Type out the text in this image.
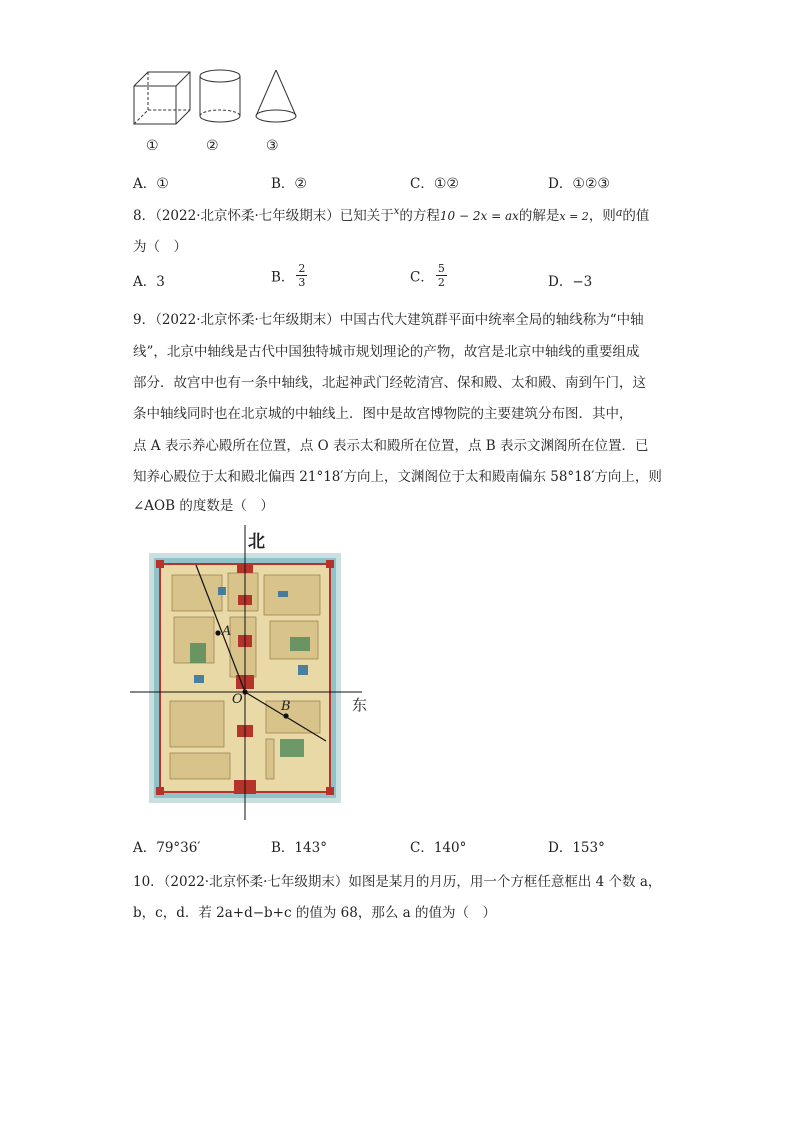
①	②	③
A．①	B．②	C．①②	D．①②③
8．（2022·北京怀柔·七年级期末）已知关于$^x$的方程10 − 2x = ax的解是x = 2，则$^a$的值
为（　）
A．3	B． $\frac{2}{3}$	C． $\frac{5}{2}$	D．−3
9．（2022·北京怀柔·七年级期末）中国古代大建筑群平面中统率全局的轴线称为“中轴
线”，北京中轴线是古代中国独特城市规划理论的产物，故宫是北京中轴线的重要组成
部分．故宫中也有一条中轴线，北起神武门经乾清宫、保和殿、太和殿、南到午门，这
条中轴线同时也在北京城的中轴线上．图中是故宫博物院的主要建筑分布图．其中，
点 A 表示养心殿所在位置，点 O 表示太和殿所在位置，点 B 表示文渊阁所在位置．已
知养心殿位于太和殿北偏西 21°18′方向上，文渊阁位于太和殿南偏东 58°18′方向上，则
∠AOB 的度数是（　）
北
东
O
A
B
A．79°36′	B．143°	C．140°	D．153°
10．（2022·北京怀柔·七年级期末）如图是某月的月历，用一个方框任意框出 4 个数 a，
b，c，d．若 2a+d−b+c 的值为 68，那么 a 的值为（　）
